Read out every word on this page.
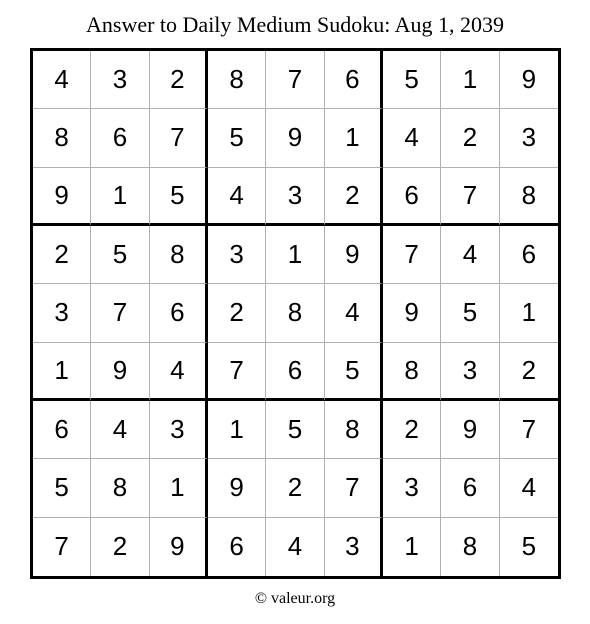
Answer to Daily Medium Sudoku: Aug 1, 2039
4	3	2	8	7	6	5	1	9
8	6	7	5	9	1	4	2	3
9	1	5	4	3	2	6	7	8
2	5	8	3	1	9	7	4	6
3	7	6	2	8	4	9	5	1
1	9	4	7	6	5	8	3	2
6	4	3	1	5	8	2	9	7
5	8	1	9	2	7	3	6	4
7	2	9	6	4	3	1	8	5
© valeur.org
